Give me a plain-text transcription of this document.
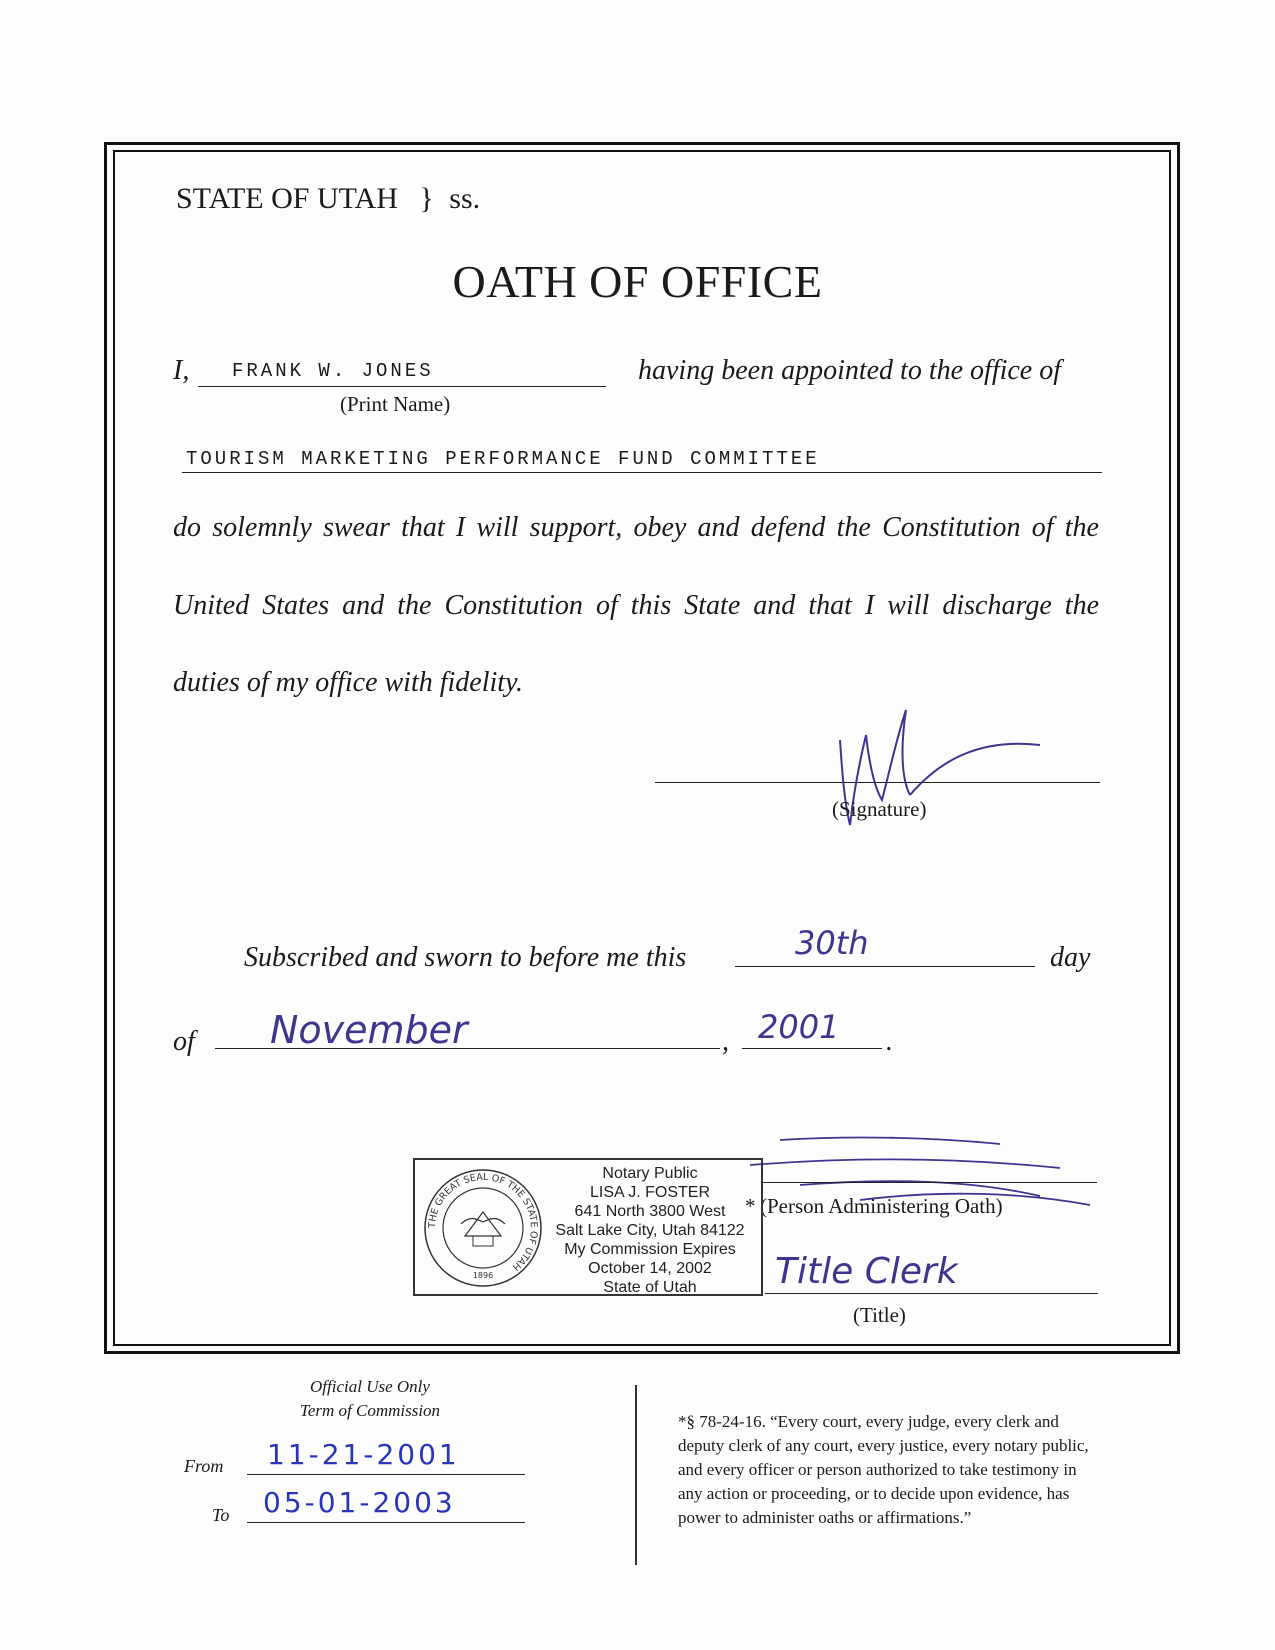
STATE OF UTAH } ss.
OATH OF OFFICE
I, FRANK W. JONES
(Print Name)
having been appointed to the office of
TOURISM MARKETING PERFORMANCE FUND COMMITTEE
do solemnly swear that I will support, obey and defend the Constitution of the
United States and the Constitution of this State and that I will discharge the
duties of my office with fidelity.
(Signature)
Subscribed and sworn to before me this	30th	day
of November	, 2001 .
* (Person Administering Oath)
THE GREAT SEAL OF THE STATE OF UTAH
1896
Notary Public
LISA J. FOSTER
641 North 3800 West
Salt Lake City, Utah 84122
My Commission Expires
October 14, 2002
State of Utah	Title Clerk
(Title)
Official Use Only
Term of Commission
From 11-21-2001
To 05-01-2003
*§ 78-24-16. “Every court, every judge, every clerk and
deputy clerk of any court, every justice, every notary public,
and every officer or person authorized to take testimony in
any action or proceeding, or to decide upon evidence, has
power to administer oaths or affirmations.”
